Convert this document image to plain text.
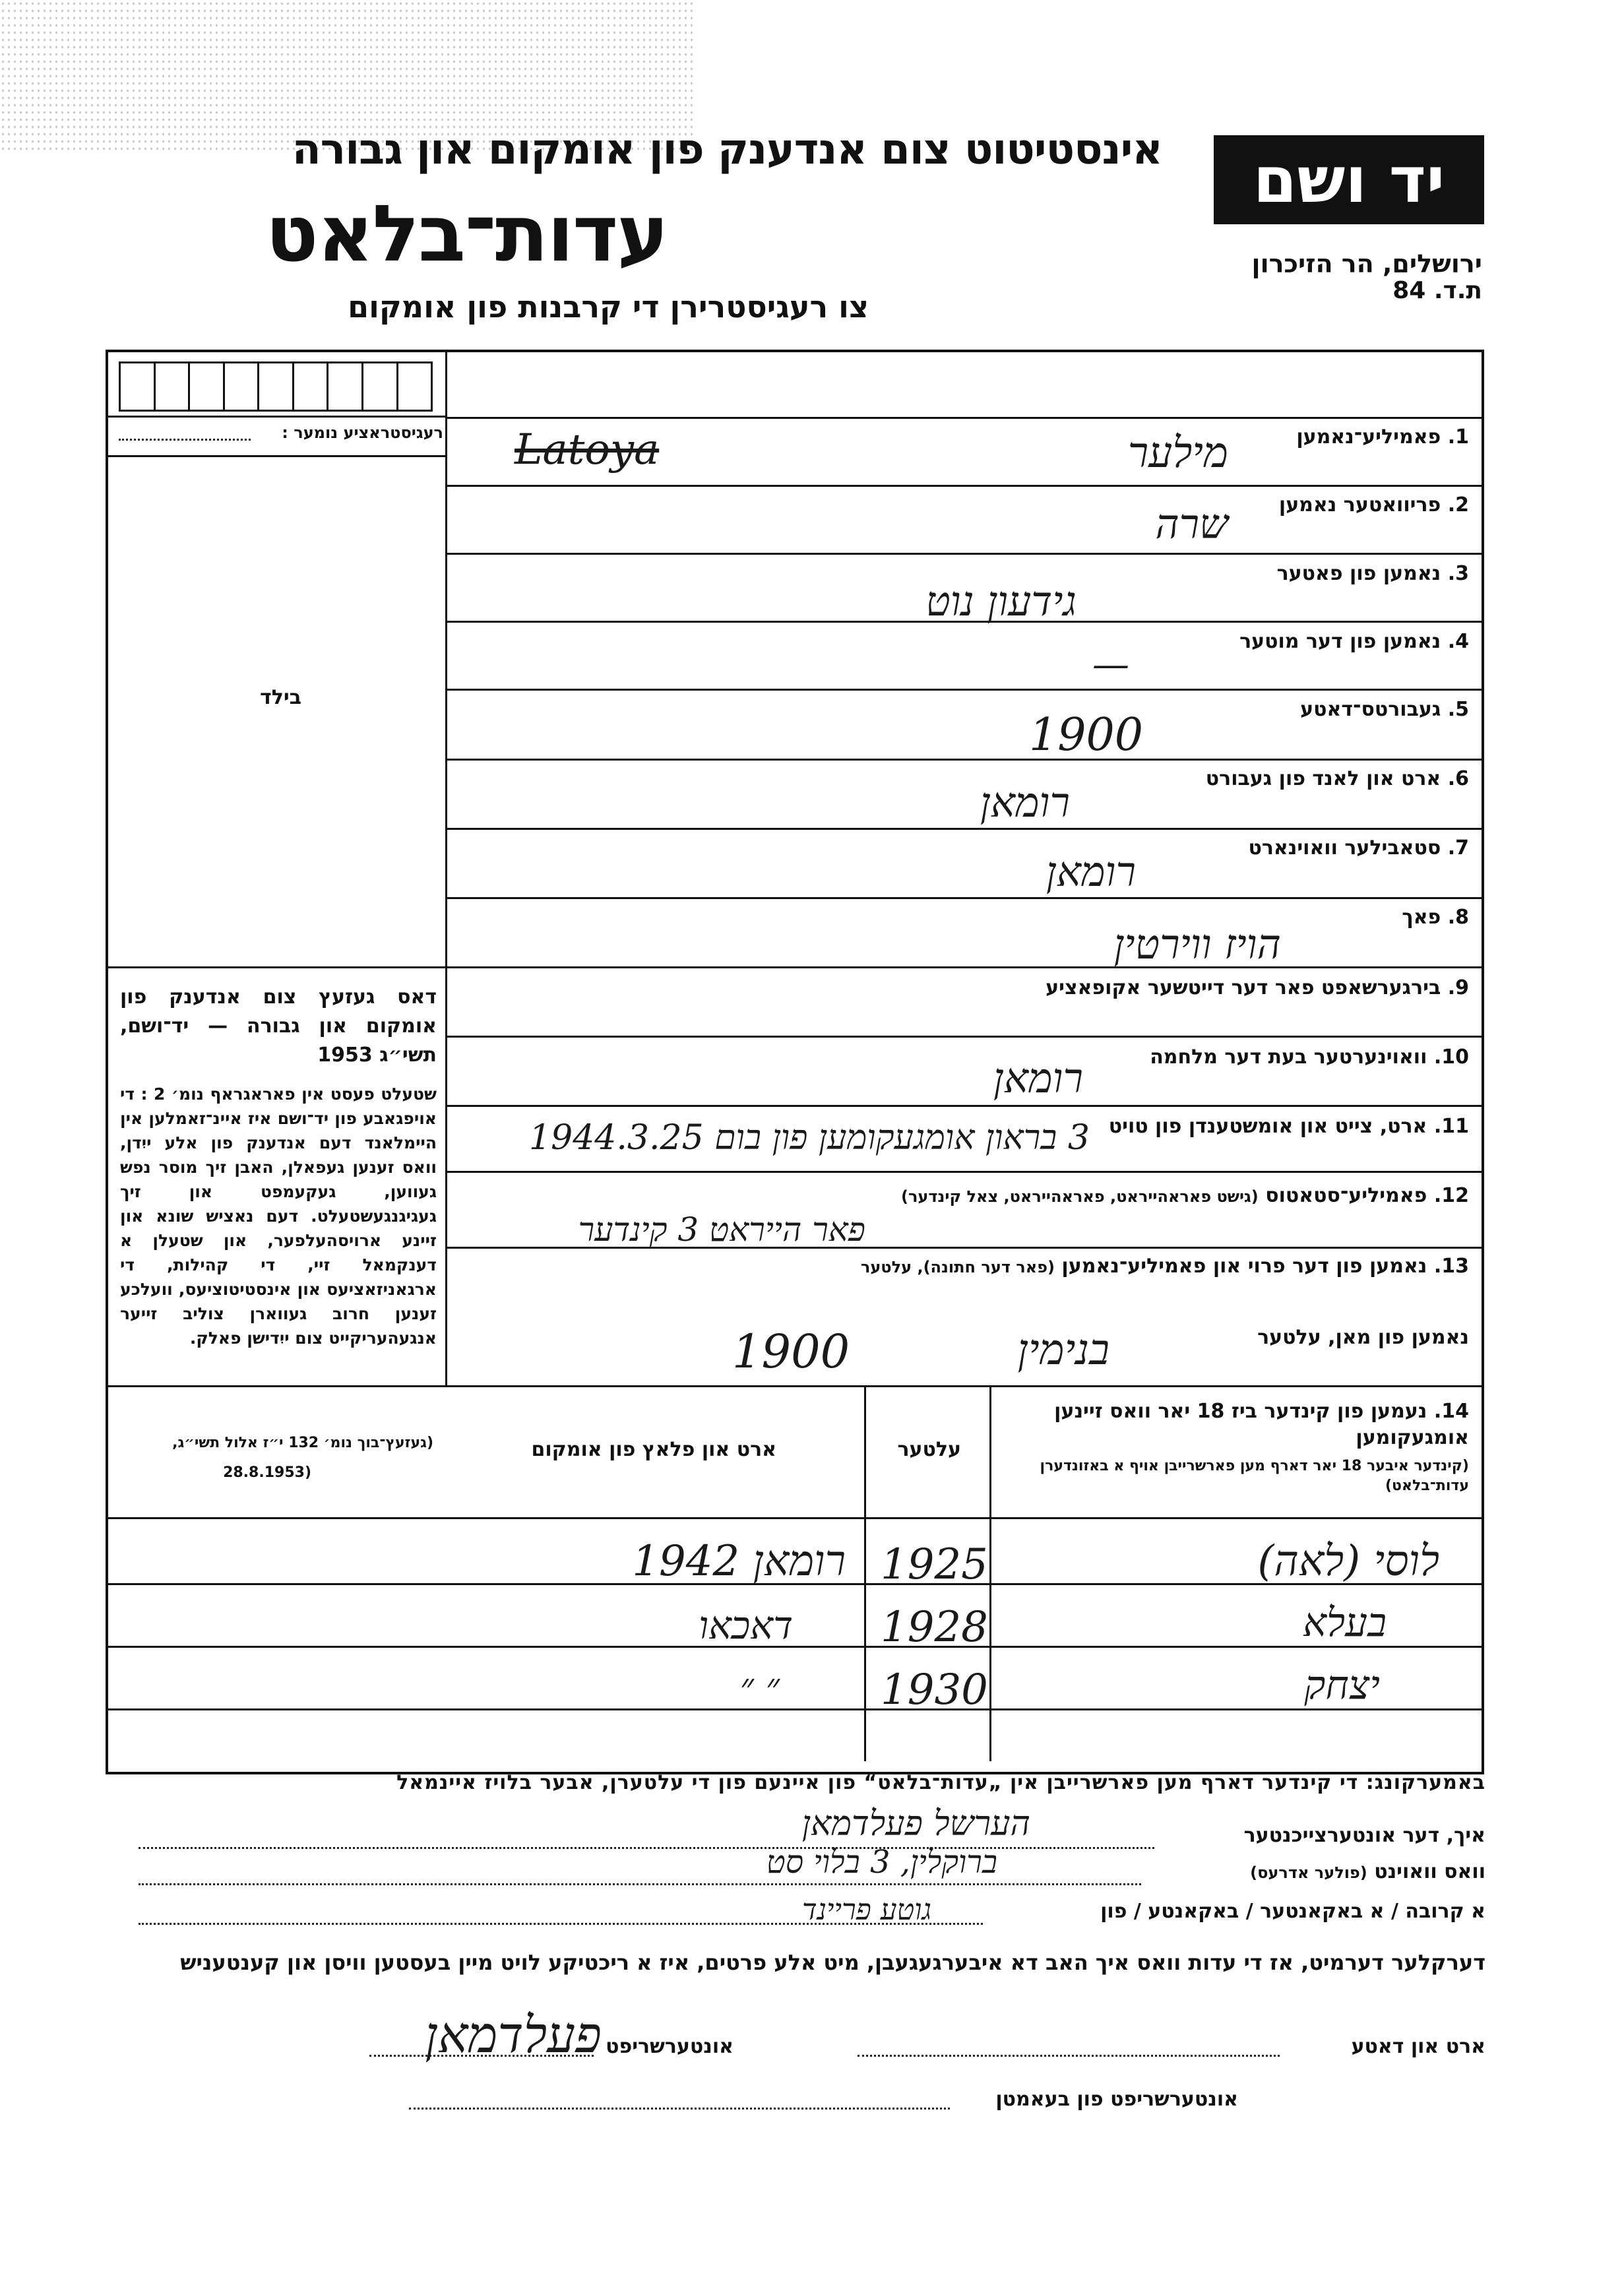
אינסטיטוט צום אנדענק פון אומקום און גבורה
עדות־בלאט
צו רעגיסטרירן די קרבנות פון אומקום
יד ושם
ירושלים, הר הזיכרון
ת.ד. 84
רעגיסטראציע נומער :
בילד
דאס געזעץ צום אנדענק פון אומקום און גבורה — יד־ושם, תשי״ג 1953
שטעלט פעסט אין פאראגראף נומ׳ 2 : די אויפגאבע פון יד־ושם איז איינ־זאמלען אין היימלאנד דעם אנדענק פון אלע ייִדן, וואס זענען געפאלן, האבן זיך מוסר נפש געווען, געקעמפט און זיך געגיגנגעשטעלט. דעם נאציש שונא און זיינע ארויסהעלפער, און שטעלן א דענקמאל זיי, די קהילות, די ארגאניזאציעס און אינסטיטוציעס, וועלכע זענען חרוב געווארן צוליב זייער אנגעהעריקייט צום ייִדישן פאלק.
(געזעץ־בוך נומ׳ 132 י״ז אלול תשי״ג,
(28.8.1953
1. פאמיליע־נאמען
מילער
Latoya
2. פריוואטער נאמען
שרה
3. נאמען פון פאטער
גידעון נוט
4. נאמען פון דער מוטער
—
5. געבורטס־דאטע
1900
6. ארט און לאנד פון געבורט
רומאן
7. סטאבילער וואוינארט
רומאן
8. פאך
הויז ווירטין
9. בירגערשאפט פאר דער דייטשער אקופאציע
10. וואוינערטער בעת דער מלחמה
רומאן
11. ארט, צייט און אומשטענדן פון טויט
3 בראון אומגעקומען פון בום 1944.3.25
12. פאמיליע־סטאטוס (גישט פאראהייראט, פאראהייראט, צאל קינדער)
פאר הייראט 3 קינדער
13. נאמען פון דער פרוי און פאמיליע־נאמען (פאר דער חתונה), עלטער
נאמען פון מאן, עלטער
בנימין
1900
14. נעמען פון קינדער ביז 18 יאר וואס זיינען אומגעקומען
(קינדער איבער 18 יאר דארף מען פארשרייבן אויף א באזונדערן עדות־בלאט)
עלטער
ארט און פלאץ פון אומקום
לוסי (לאה)
1925
רומאן 1942
בעלא
1928
דאכאו
יצחק
1930
״ ״
באמערקונג: די קינדער דארף מען פארשרייבן אין „עדות־בלאט“ פון איינעם פון די עלטערן, אבער בלויז איינמאל
איך, דער אונטערצייכנטער
הערשל פעלדמאן
וואס וואוינט (פולער אדרעס)
ברוקלין, 3 בלוי סט
א קרובה / א באקאנטער / באקאנטע / פון
גוטע פריינד
דערקלער דערמיט, אז די עדות וואס איך האב דא איבערגעגעבן, מיט אלע פרטים, איז א ריכטיקע לויט מיין בעסטען וויסן און קענטעניש
ארט און דאטע
אונטערשריפט
פעלדמאן
אונטערשריפט פון בעאמטן
